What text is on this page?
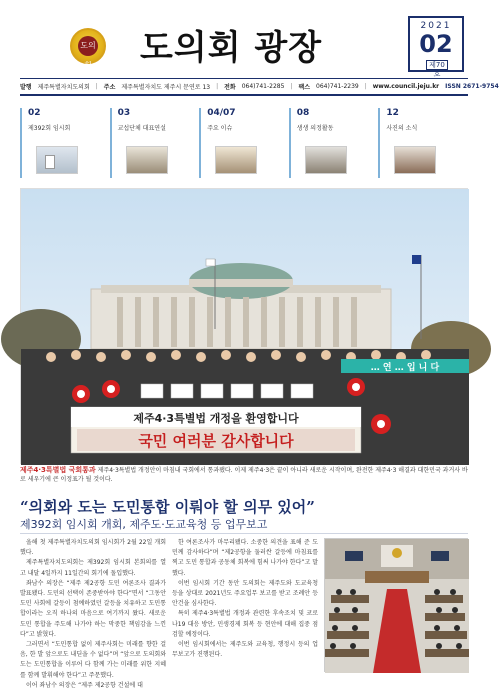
도의회 도의회 광장
2021
02
제70호
발행 제주특별자치도의회 | 주소 제주특별자치도 제주시 문연로 13 | 전화 064)741-2285 | 팩스 064)741-2239 | www.council.jeju.kr ISSN 2671-9754
02
제392회 임시회
03
교섭단체 대표연설
04/07
주요 이슈
08
생생 의정활동
12
사진의 소식
… 연 … 입 니 다
제주4·3특별법 개정을 환영합니다
국민 여러분 감사합니다
제주4·3특별법 국회통과 제주4·3특별법 개정안이 마침내 국회에서 통과됐다. 이제 제주4·3은 끝이 아니라 새로운 시작이며, 완전한 제주4·3 해결과 대한민국 과거사 바로 세우기에 큰 이정표가 될 것이다.
“의회와 도는 도민통합 이뤄야 할 의무 있어”
제392회 임시회 개회, 제주도·도교육청 등 업무보고

올해 첫 제주특별자치도의회 임시회가 2월 22일 개회했다.

제주특별자치도의회는 제392회 임시회 본회의를 열고 내달 4일까지 11일간의 회기에 돌입했다.

좌남수 의장은 “제주 제2공항 도민 여론조사 결과가 발표됐다. 도민의 선택이 존중받아야 한다”면서 “그동안 도민 사회에 갈등이 첨예하였던 갈등을 치유하고 도민통합이라는 오직 하나의 마음으로 여기까지 왔다. 새로운 도민 통합을 주도해 나가야 하는 막중한 책임감을 느낀다”고 밝혔다.

그러면서 “도민통합 없이 제주사회는 미래를 향한 걸음, 한 발 앞으로도 내딛을 수 없다”며 “앞으로 도의회와 도는 도민통합을 이루어 다 함께 가는 미래를 위한 지혜를 함께 발휘해야 한다”고 주문했다.

이어 좌남수 의장은 “제주 제2공항 건설에 대

한 여론조사가 마무리됐다. 소중한 의견을 표해 준 도민께 감사하다”며 “제2공항을 둘러싼 갈등에 마침표를 찍고 도민 통합과 공동체 회복에 힘써 나가야 한다”고 말했다.

이번 임시회 기간 동안 도의회는 제주도와 도교육청 등을 상대로 2021년도 주요업무 보고를 받고 조례안 등 안건을 심사한다.

특히 제주4·3특별법 개정과 관련한 후속조치 및 코로나19 대응 방안, 민생경제 회복 등 현안에 대해 집중 점검할 예정이다.

이번 임시회에서는 제주도와 교육청, 행정시 등의 업무보고가 진행된다.
